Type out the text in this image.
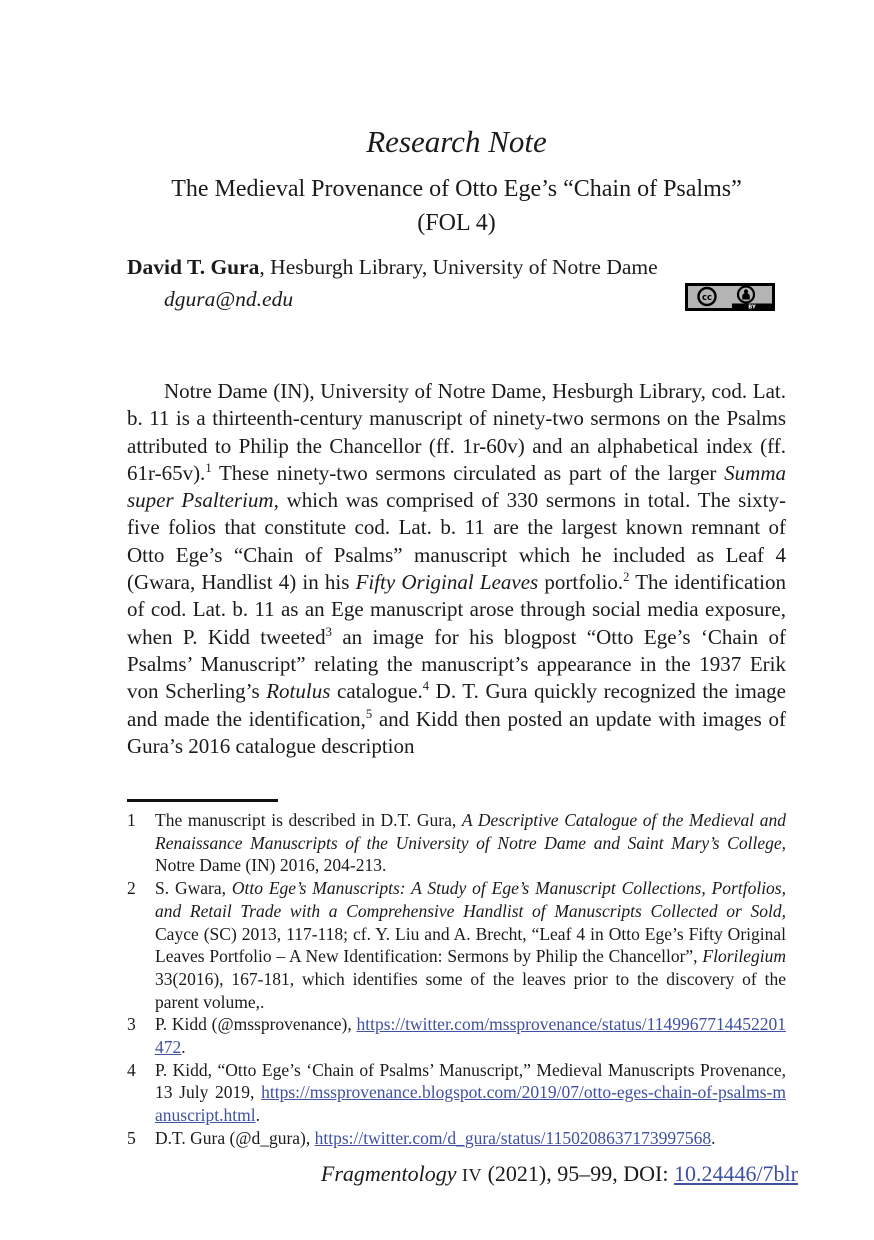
Research Note
The Medieval Provenance of Otto Ege’s “Chain of Psalms”
(FOL 4)
David T. Gura, Hesburgh Library, University of Notre Dame
dgura@nd.edu	cc
BY
Notre Dame (IN), University of Notre Dame, Hesburgh Library, cod. Lat. b. 11 is a thirteenth-century manuscript of ninety-two sermons on the Psalms attributed to Philip the Chancellor (ff. 1r-60v) and an alphabetical index (ff. 61r-65v).$^1$ These ninety-two sermons circulated as part of the larger Summa super Psalterium, which was comprised of 330 sermons in total. The sixty-five folios that constitute cod. Lat. b. 11 are the largest known remnant of Otto Ege’s “Chain of Psalms” manuscript which he included as Leaf 4 (Gwara, Handlist 4) in his Fifty Original Leaves portfolio.$^2$ The identification of cod. Lat. b. 11 as an Ege manuscript arose through social media exposure, when P. Kidd tweeted$^3$ an image for his blogpost “Otto Ege’s ‘Chain of Psalms’ Manuscript” relating the manuscript’s appearance in the 1937 Erik von Scherling’s Rotulus catalogue.$^4$ D. T. Gura quickly recognized the image and made the identification,$^5$ and Kidd then posted an update with images of Gura’s 2016 catalogue description
1	The manuscript is described in D.T. Gura, A Descriptive Catalogue of the Medieval and Renaissance Manuscripts of the University of Notre Dame and Saint Mary’s College, Notre Dame (IN) 2016, 204-213.
2	S. Gwara, Otto Ege’s Manuscripts: A Study of Ege’s Manuscript Collections, Portfolios, and Retail Trade with a Comprehensive Handlist of Manuscripts Collected or Sold, Cayce (SC) 2013, 117-118; cf. Y. Liu and A. Brecht, “Leaf 4 in Otto Ege’s Fifty Original Leaves Portfolio – A New Identification: Sermons by Philip the Chancellor”, Florilegium 33(2016), 167-181, which identifies some of the leaves prior to the discovery of the parent volume,.
3	P. Kidd (@mssprovenance), https://twitter.com/mssprovenance/status/1149967714452201472.
4	P. Kidd, “Otto Ege’s ‘Chain of Psalms’ Manuscript,” Medieval Manuscripts Provenance, 13 July 2019, https://mssprovenance.blogspot.com/2019/07/otto-eges-chain-of-psalms-manuscript.html.
5	D.T. Gura (@d_gura), https://twitter.com/d_gura/status/1150208637173997568.
Fragmentology IV (2021), 95–99, DOI: 10.24446/7blr
